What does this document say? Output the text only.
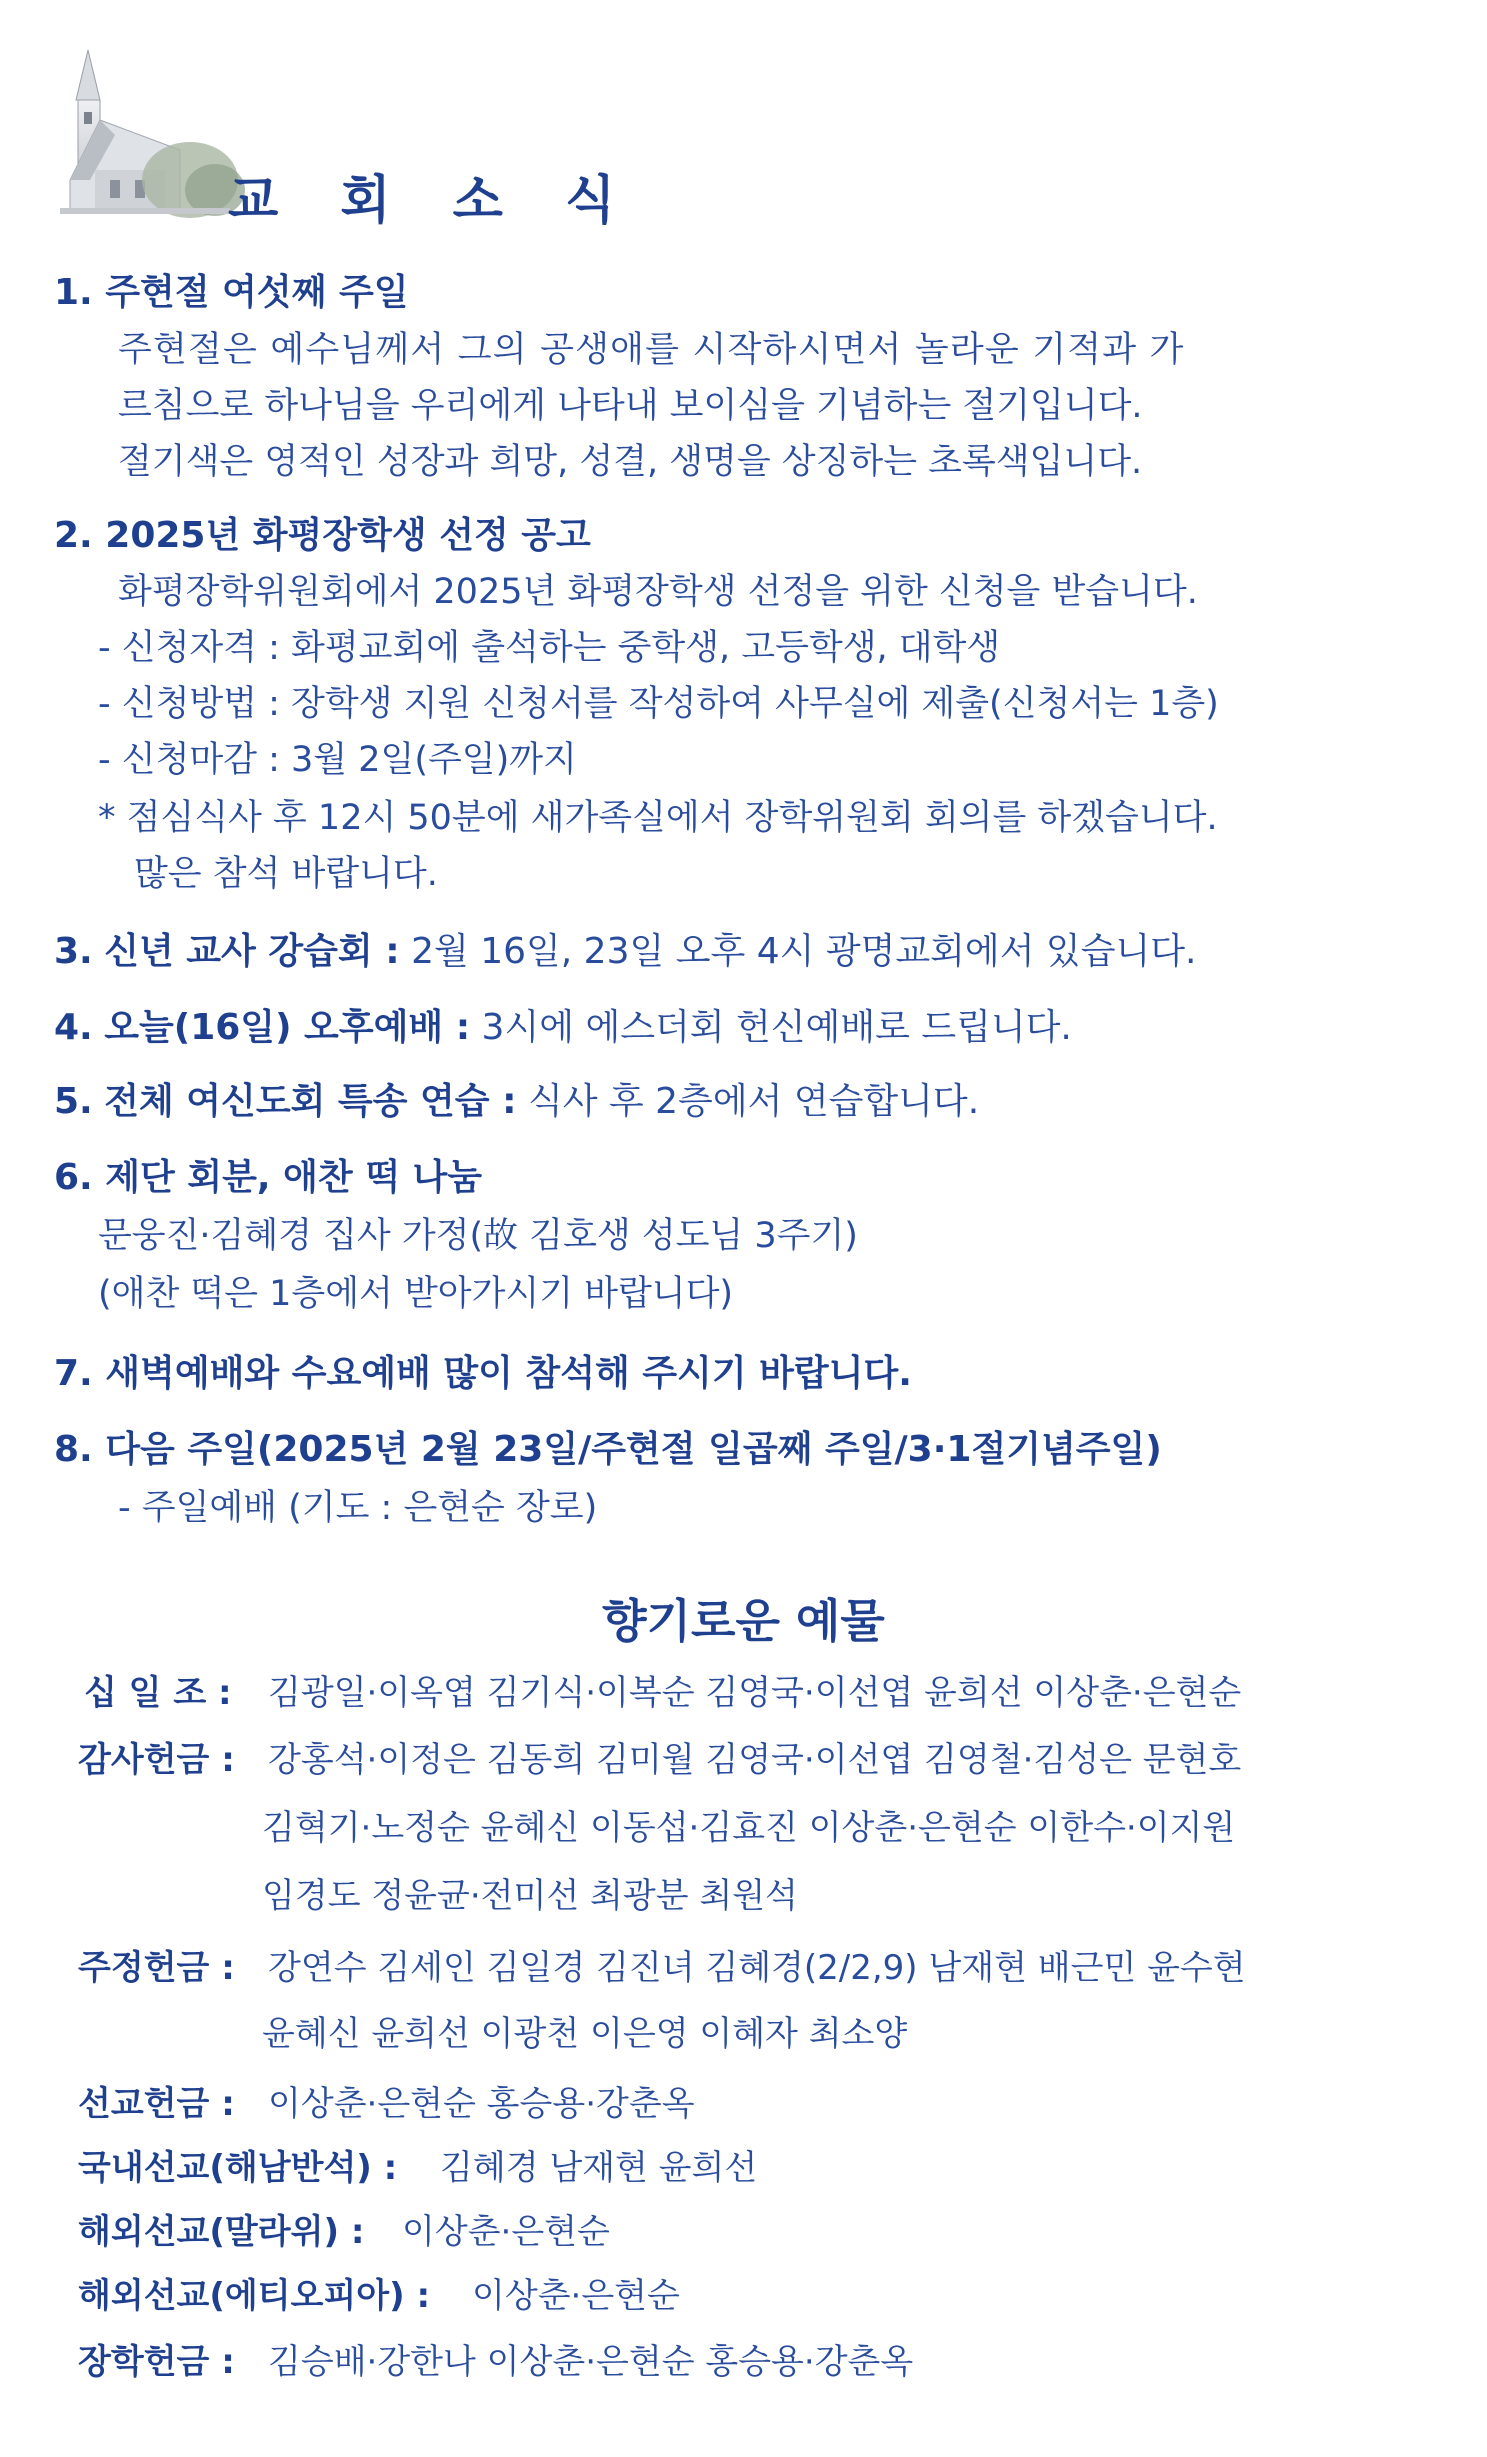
교 회 소 식
1. 주현절 여섯째 주일
주현절은 예수님께서 그의 공생애를 시작하시면서 놀라운 기적과 가
르침으로 하나님을 우리에게 나타내 보이심을 기념하는 절기입니다.
절기색은 영적인 성장과 희망, 성결, 생명을 상징하는 초록색입니다.
2. 2025년 화평장학생 선정 공고
화평장학위원회에서 2025년 화평장학생 선정을 위한 신청을 받습니다.
- 신청자격 : 화평교회에 출석하는 중학생, 고등학생, 대학생
- 신청방법 : 장학생 지원 신청서를 작성하여 사무실에 제출(신청서는 1층)
- 신청마감 : 3월 2일(주일)까지
* 점심식사 후 12시 50분에 새가족실에서 장학위원회 회의를 하겠습니다.
많은 참석 바랍니다.
3. 신년 교사 강습회 : 2월 16일, 23일 오후 4시 광명교회에서 있습니다.
4. 오늘(16일) 오후예배 : 3시에 에스더회 헌신예배로 드립니다.
5. 전체 여신도회 특송 연습 : 식사 후 2층에서 연습합니다.
6. 제단 회분, 애찬 떡 나눔
문웅진·김혜경 집사 가정(故 김호생 성도님 3주기)
(애찬 떡은 1층에서 받아가시기 바랍니다)
7. 새벽예배와 수요예배 많이 참석해 주시기 바랍니다.
8. 다음 주일(2025년 2월 23일/주현절 일곱째 주일/3·1절기념주일)
- 주일예배 (기도 : 은현순 장로)
향기로운 예물
십 일 조 : 김광일·이옥엽 김기식·이복순 김영국·이선엽 윤희선 이상춘·은현순
감사헌금 : 강홍석·이정은 김동희 김미월 김영국·이선엽 김영철·김성은 문현호
김혁기·노정순 윤혜신 이동섭·김효진 이상춘·은현순 이한수·이지원
임경도 정윤균·전미선 최광분 최원석
주정헌금 : 강연수 김세인 김일경 김진녀 김혜경(2/2,9) 남재현 배근민 윤수현
윤혜신 윤희선 이광천 이은영 이혜자 최소양
선교헌금 : 이상춘·은현순 홍승용·강춘옥
국내선교(해남반석) : 김혜경 남재현 윤희선
해외선교(말라위) : 이상춘·은현순
해외선교(에티오피아) : 이상춘·은현순
장학헌금 : 김승배·강한나 이상춘·은현순 홍승용·강춘옥
